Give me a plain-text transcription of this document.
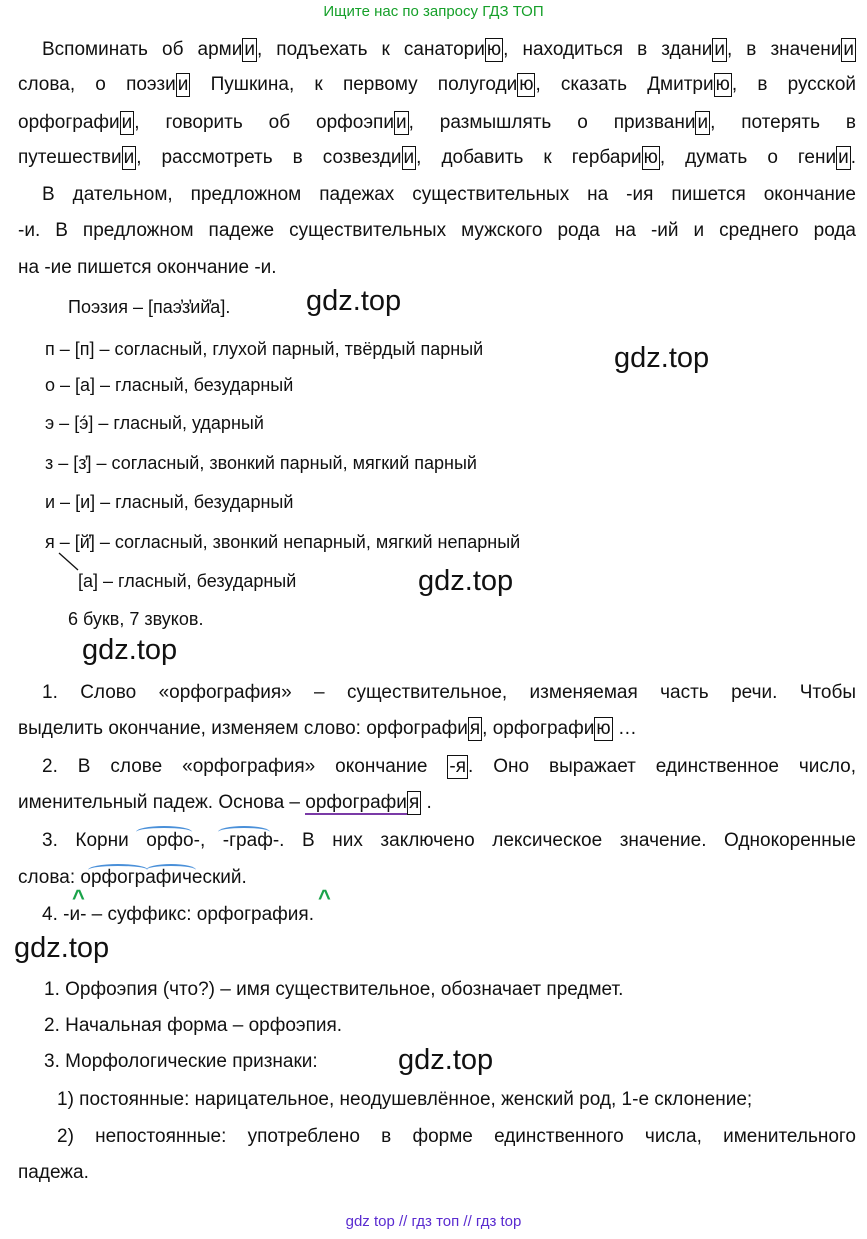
Ищите нас по запросу ГДЗ ТОП
Вспоминать об арми и , подъехать к санатори ю , находиться в здани и , в значени и
слова, о поэзи и Пушкина, к первому полугоди ю , сказать Дмитри ю , в русской
орфографи и , говорить об орфоэпи и , размышлять о призвани и , потерять в
путешестви и , рассмотреть в созвезди и , добавить к гербари ю , думать о гени и .
В дательном, предложном падежах существительных на -ия пишется окончание
-и. В предложном падеже существительных мужского рода на -ий и среднего рода
на -ие пишется окончание -и.
Поэзия – [паэ̓з̓ий̓а].	gdz.top
п – [п] – согласный, глухой парный, твёрдый парный	gdz.top
о – [а] – гласный, безударный
э – [э́] – гласный, ударный
з – [з̓] – согласный, звонкий парный, мягкий парный
и – [и] – гласный, безударный
я – [й̓] – согласный, звонкий непарный, мягкий непарный
[а] – гласный, безударный	gdz.top
6 букв, 7 звуков.
gdz.top
1. Слово «орфография» – существительное, изменяемая часть речи. Чтобы
выделить окончание, изменяем слово: орфографи я , орфографи ю …
2. В слове «орфография» окончание -я . Оно выражает единственное число,
именительный падеж. Основа – орфографи я .
3. Корни орфо-, -граф-. В них заключено лексическое значение. Однокоренные
слова: орфографический.
^	^
4. -и- – суффикс: орфография.
gdz.top
1. Орфоэпия (что?) – имя существительное, обозначает предмет.
2. Начальная форма – орфоэпия.
3. Морфологические признаки:	gdz.top
1) постоянные: нарицательное, неодушевлённое, женский род, 1-е склонение;
2) непостоянные: употреблено в форме единственного числа, именительного
падежа.
gdz top // гдз топ // гдз top
